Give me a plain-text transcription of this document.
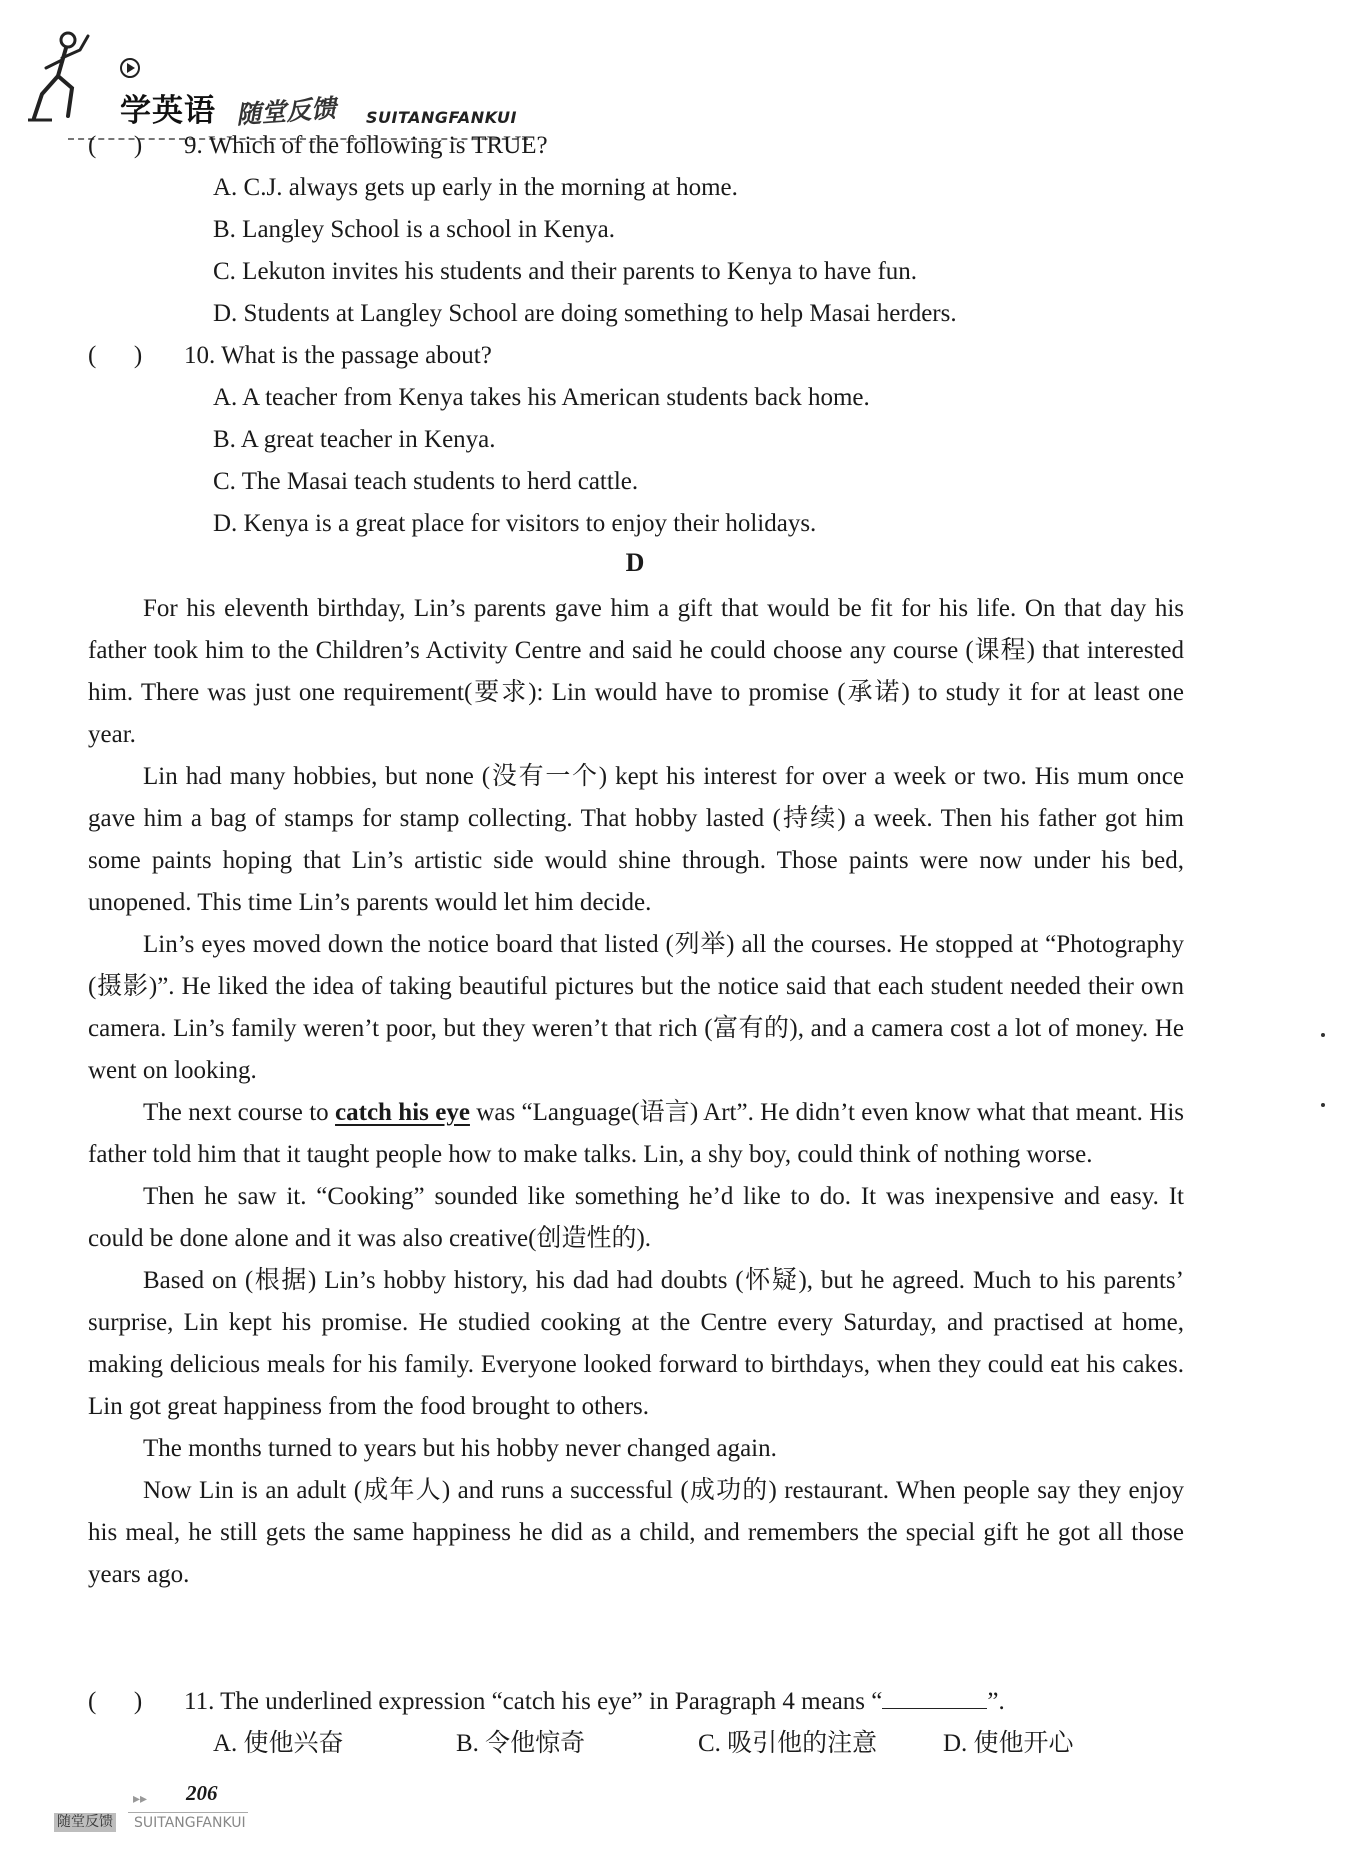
学英语 随堂反馈 SUITANGFANKUI
(      ) 9. Which of the following is TRUE?
A. C.J. always gets up early in the morning at home.
B. Langley School is a school in Kenya.
C. Lekuton invites his students and their parents to Kenya to have fun.
D. Students at Langley School are doing something to help Masai herders.
(      ) 10. What is the passage about?
A. A teacher from Kenya takes his American students back home.
B. A great teacher in Kenya.
C. The Masai teach students to herd cattle.
D. Kenya is a great place for visitors to enjoy their holidays.
D

For his eleventh birthday, Lin’s parents gave him a gift that would be fit for his life. On that day his father took him to the Children’s Activity Centre and said he could choose any course (课程) that interested him. There was just one requirement(要求): Lin would have to promise (承诺) to study it for at least one year.

Lin had many hobbies, but none (没有一个) kept his interest for over a week or two. His mum once gave him a bag of stamps for stamp collecting. That hobby lasted (持续) a week. Then his father got him some paints hoping that Lin’s artistic side would shine through. Those paints were now under his bed, unopened. This time Lin’s parents would let him decide.

Lin’s eyes moved down the notice board that listed (列举) all the courses. He stopped at “Photography (摄影)”. He liked the idea of taking beautiful pictures but the notice said that each student needed their own camera. Lin’s family weren’t poor, but they weren’t that rich (富有的), and a camera cost a lot of money. He went on looking.

The next course to catch his eye was “Language(语言) Art”. He didn’t even know what that meant. His father told him that it taught people how to make talks. Lin, a shy boy, could think of nothing worse.

Then he saw it. “Cooking” sounded like something he’d like to do. It was inexpensive and easy. It could be done alone and it was also creative(创造性的).

Based on (根据) Lin’s hobby history, his dad had doubts (怀疑), but he agreed. Much to his parents’ surprise, Lin kept his promise. He studied cooking at the Centre every Saturday, and practised at home, making delicious meals for his family. Everyone looked forward to birthdays, when they could eat his cakes. Lin got great happiness from the food brought to others.

The months turned to years but his hobby never changed again.

Now Lin is an adult (成年人) and runs a successful (成功的) restaurant. When people say they enjoy his meal, he still gets the same happiness he did as a child, and remembers the special gift he got all those years ago.

(      ) 11. The underlined expression “catch his eye” in Paragraph 4 means “	”.
A. 使他兴奋	B. 令他惊奇	C. 吸引他的注意	D. 使他开心
▸▸ 206
随堂反馈 SUITANGFANKUI
